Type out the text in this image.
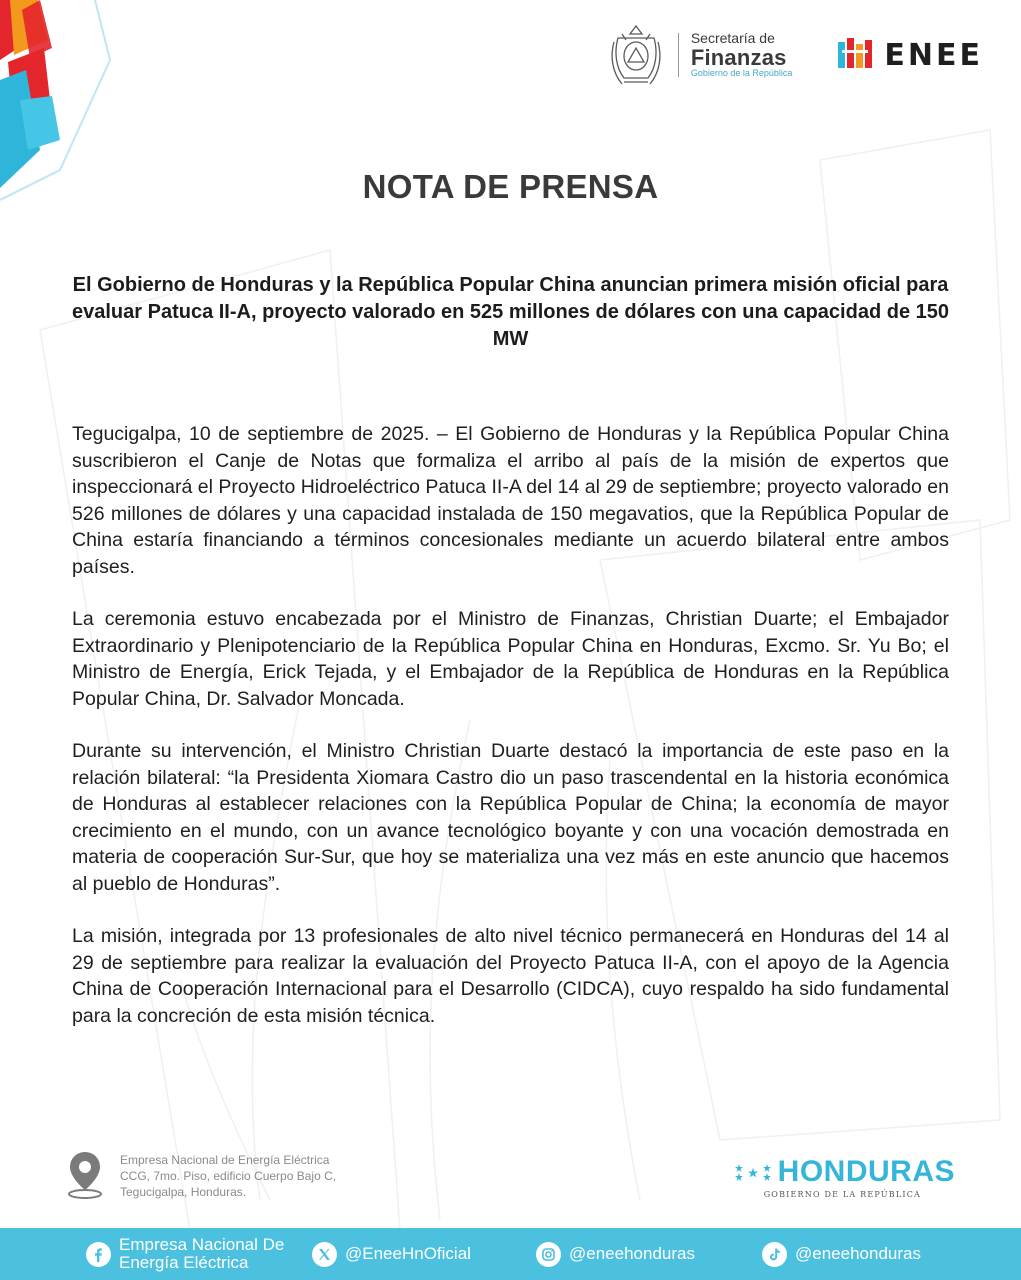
Secretaría de
Finanzas
Gobierno de la República
ENEE
NOTA DE PRENSA
El Gobierno de Honduras y la República Popular China anuncian primera misión oficial para evaluar Patuca II-A, proyecto valorado en 525 millones de dólares con una capacidad de 150 MW

Tegucigalpa, 10 de septiembre de 2025. – El Gobierno de Honduras y la República Popular China suscribieron el Canje de Notas que formaliza el arribo al país de la misión de expertos que inspeccionará el Proyecto Hidroeléctrico Patuca II-A del 14 al 29 de septiembre; proyecto valorado en 526 millones de dólares y una capacidad instalada de 150 megavatios, que la República Popular de China estaría financiando a términos concesionales mediante un acuerdo bilateral entre ambos países.

La ceremonia estuvo encabezada por el Ministro de Finanzas, Christian Duarte; el Embajador Extraordinario y Plenipotenciario de la República Popular China en Honduras, Excmo. Sr. Yu Bo; el Ministro de Energía, Erick Tejada, y el Embajador de la República de Honduras en la República Popular China, Dr. Salvador Moncada.

Durante su intervención, el Ministro Christian Duarte destacó la importancia de este paso en la relación bilateral: “la Presidenta Xiomara Castro dio un paso trascendental en la historia económica de Honduras al establecer relaciones con la República Popular de China; la economía de mayor crecimiento en el mundo, con un avance tecnológico boyante y con una vocación demostrada en materia de cooperación Sur-Sur, que hoy se materializa una vez más en este anuncio que hacemos al pueblo de Honduras”.

La misión, integrada por 13 profesionales de alto nivel técnico permanecerá en Honduras del 14 al 29 de septiembre para realizar la evaluación del Proyecto Patuca II-A, con el apoyo de la Agencia China de Cooperación Internacional para el Desarrollo (CIDCA), cuyo respaldo ha sido fundamental para la concreción de esta misión técnica.

Empresa Nacional de Energía Eléctrica
CCG, 7mo. Piso, edificio Cuerpo Bajo C,
Tegucigalpa, Honduras.
HONDURAS
GOBIERNO DE LA REPÚBLICA
Empresa Nacional De
Energía Eléctrica	@EneeHnOficial	@eneehonduras	@eneehonduras
